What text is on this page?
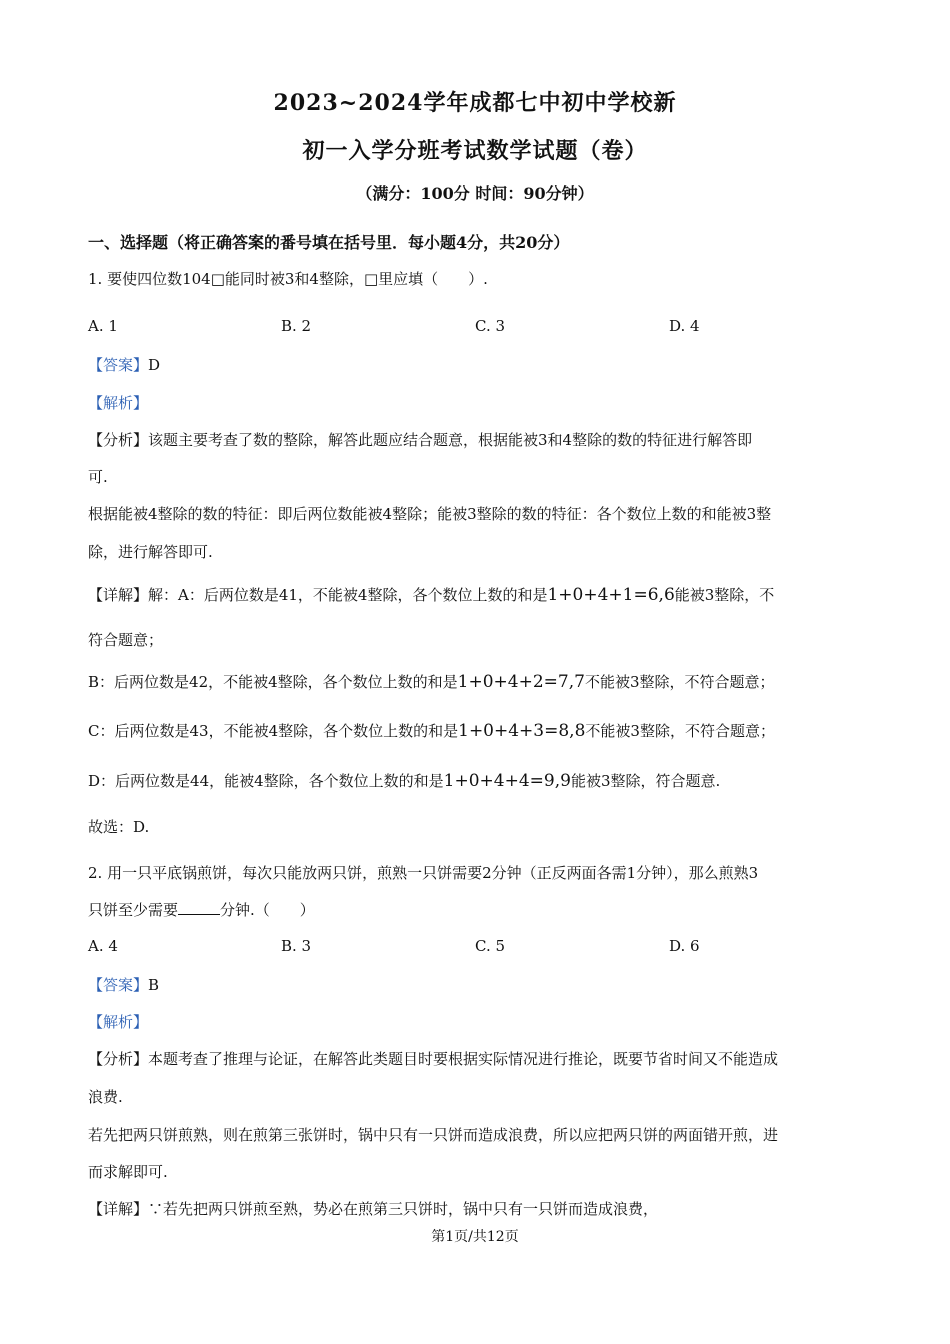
2023~2024学年成都七中初中学校新
初一入学分班考试数学试题（卷）
（满分：100分 时间：90分钟）
一、选择题（将正确答案的番号填在括号里．每小题4分，共20分）
1. 要使四位数104□能同时被3和4整除，□里应填（　　）.
A. 1	B. 2	C. 3	D. 4
【答案】D
【解析】
【分析】该题主要考查了数的整除，解答此题应结合题意，根据能被3和4整除的数的特征进行解答即
可.
根据能被4整除的数的特征：即后两位数能被4整除；能被3整除的数的特征：各个数位上数的和能被3整
除，进行解答即可.
【详解】解：A：后两位数是41，不能被4整除，各个数位上数的和是1+0+4+1=6,6能被3整除，不
符合题意；
B：后两位数是42，不能被4整除，各个数位上数的和是1+0+4+2=7,7不能被3整除，不符合题意；
C：后两位数是43，不能被4整除，各个数位上数的和是1+0+4+3=8,8不能被3整除，不符合题意；
D：后两位数是44，能被4整除，各个数位上数的和是1+0+4+4=9,9能被3整除，符合题意.
故选：D.
2. 用一只平底锅煎饼，每次只能放两只饼，煎熟一只饼需要2分钟（正反两面各需1分钟），那么煎熟3
只饼至少需要	分钟.（　　）
A. 4	B. 3	C. 5	D. 6
【答案】B
【解析】
【分析】本题考查了推理与论证，在解答此类题目时要根据实际情况进行推论，既要节省时间又不能造成
浪费.
若先把两只饼煎熟，则在煎第三张饼时，锅中只有一只饼而造成浪费，所以应把两只饼的两面错开煎，进
而求解即可.
【详解】∵若先把两只饼煎至熟，势必在煎第三只饼时，锅中只有一只饼而造成浪费，
第1页/共12页
